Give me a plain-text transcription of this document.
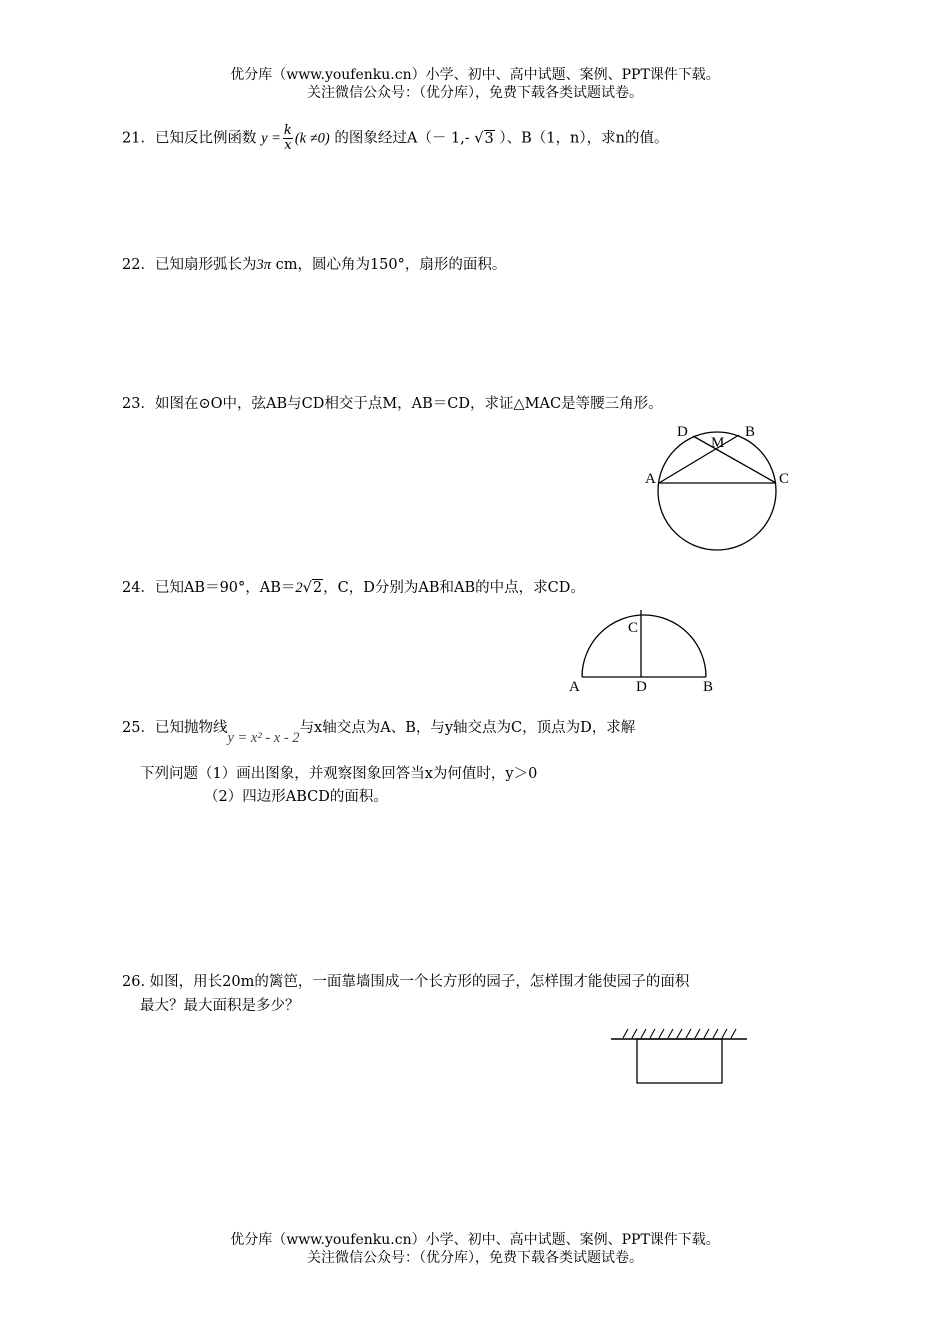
优分库（www.youfenku.cn）小学、初中、高中试题、案例、PPT课件下载。
关注微信公众号：（优分库），免费下载各类试题试卷。
21．已知反比例函数 $y = \frac{k}{x} (k \ne 0)$ 的图象经过A（－ 1,- √3 ）、B（1，n），求n的值。
22．已知扇形弧长为3π cm，圆心角为150°，扇形的面积。
23．如图在⊙O中，弦AB与CD相交于点M，AB＝CD，求证△MAC是等腰三角形。
D
M
B
A	C
24．已知AB＝90°，AB＝2√2，C，D分别为AB和AB的中点，求CD。
C
A	D	B
25．已知抛物线y = x² - x - 2与x轴交点为A、B，与y轴交点为C，顶点为D，求解
下列问题（1）画出图象，并观察图象回答当x为何值时，y＞0
（2）四边形ABCD的面积。
26. 如图，用长20m的篱笆，一面靠墙围成一个长方形的园子，怎样围才能使园子的面积
最大？最大面积是多少？
优分库（www.youfenku.cn）小学、初中、高中试题、案例、PPT课件下载。
关注微信公众号：（优分库），免费下载各类试题试卷。
